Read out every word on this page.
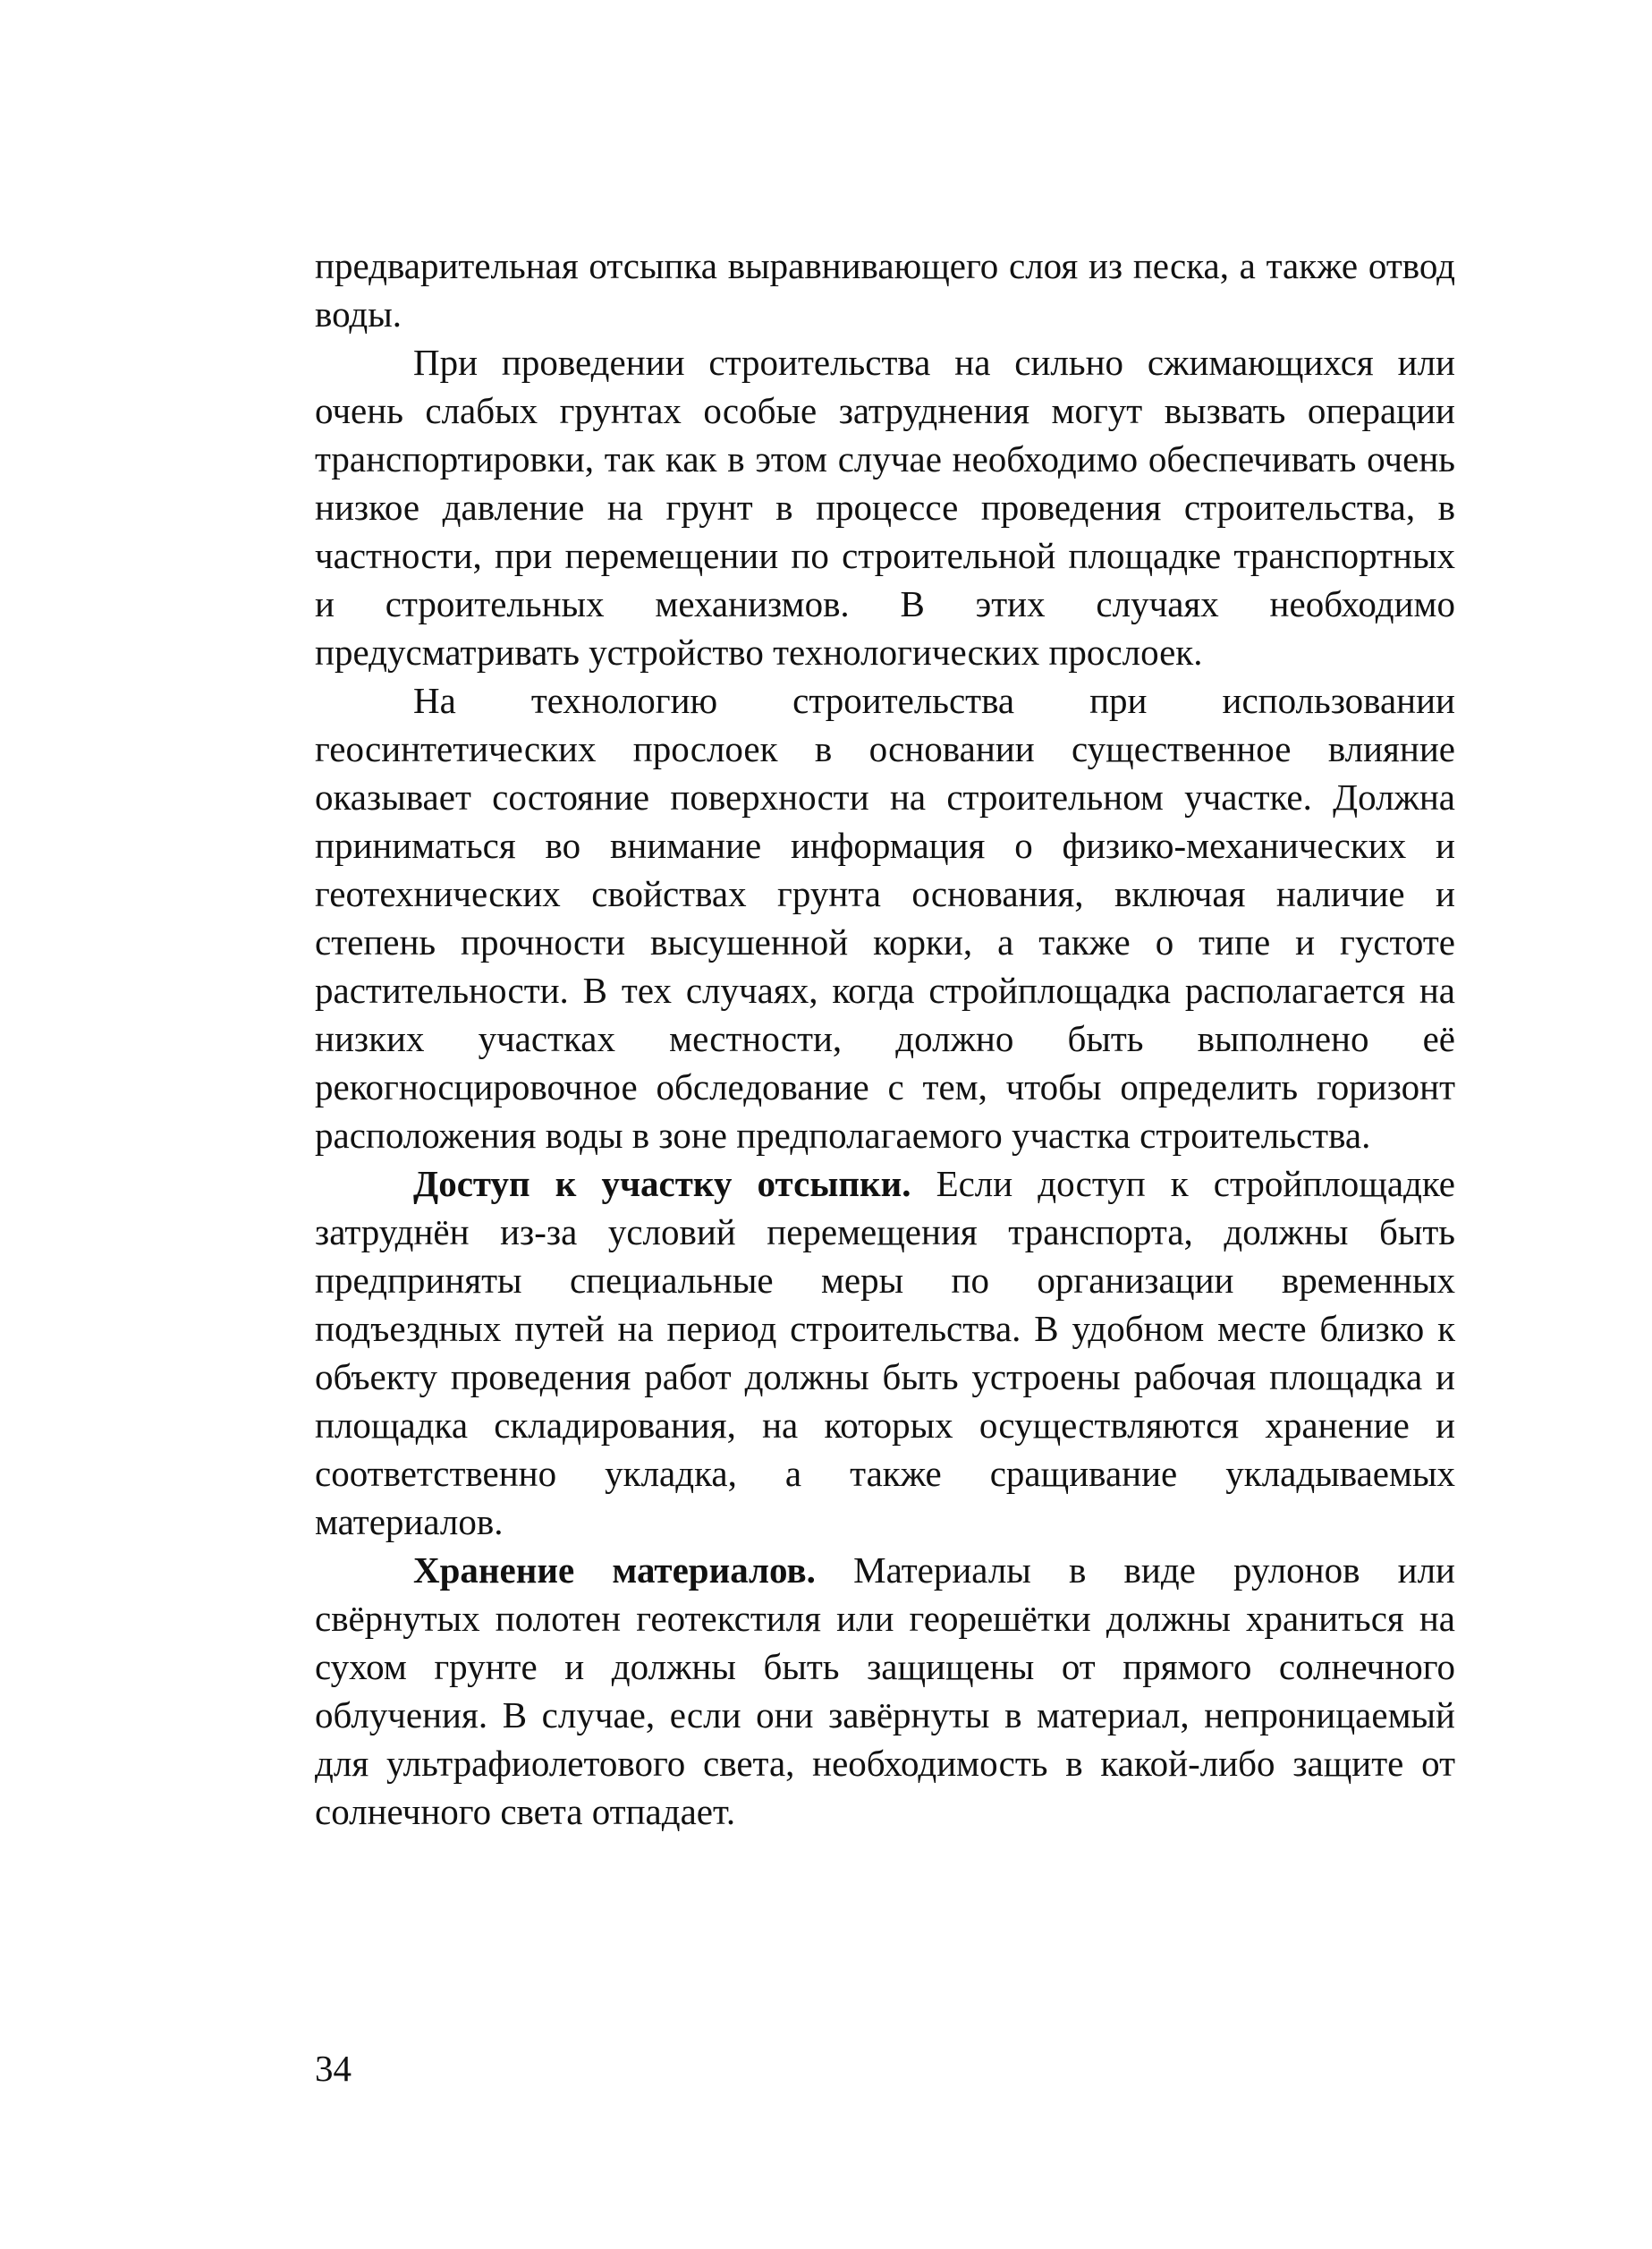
предварительная отсыпка выравнивающего слоя из песка, а также отвод воды.

При проведении строительства на сильно сжимающихся или очень слабых грунтах особые затруднения могут вызвать операции транспортировки, так как в этом случае необходимо обеспечивать очень низкое давление на грунт в процессе проведения строительства, в частности, при перемещении по строительной площадке транспортных и строительных механизмов. В этих случаях необходимо предусматривать устройство технологических прослоек.

На технологию строительства при использовании геосинтетических прослоек в основании существенное влияние оказывает состояние поверхности на строительном участке. Должна приниматься во внимание информация о физико-механических и геотехнических свойствах грунта основания, включая наличие и степень прочности высушенной корки, а также о типе и густоте растительности. В тех случаях, когда стройплощадка располагается на низких участках местности, должно быть выполнено её рекогносцировочное обследование с тем, чтобы определить горизонт расположения воды в зоне предполагаемого участка строительства.

Доступ к участку отсыпки. Если доступ к стройплощадке затруднён из-за условий перемещения транспорта, должны быть предприняты специальные меры по организации временных подъездных путей на период строительства. В удобном месте близко к объекту проведения работ должны быть устроены рабочая площадка и площадка складирования, на которых осуществляются хранение и соответственно укладка, а также сращивание укладываемых материалов.

Хранение материалов. Материалы в виде рулонов или свёрнутых полотен геотекстиля или георешётки должны храниться на сухом грунте и должны быть защищены от прямого солнечного облучения. В случае, если они завёрнуты в материал, непроницаемый для ультрафиолетового света, необходимость в какой-либо защите от солнечного света отпадает.

34
